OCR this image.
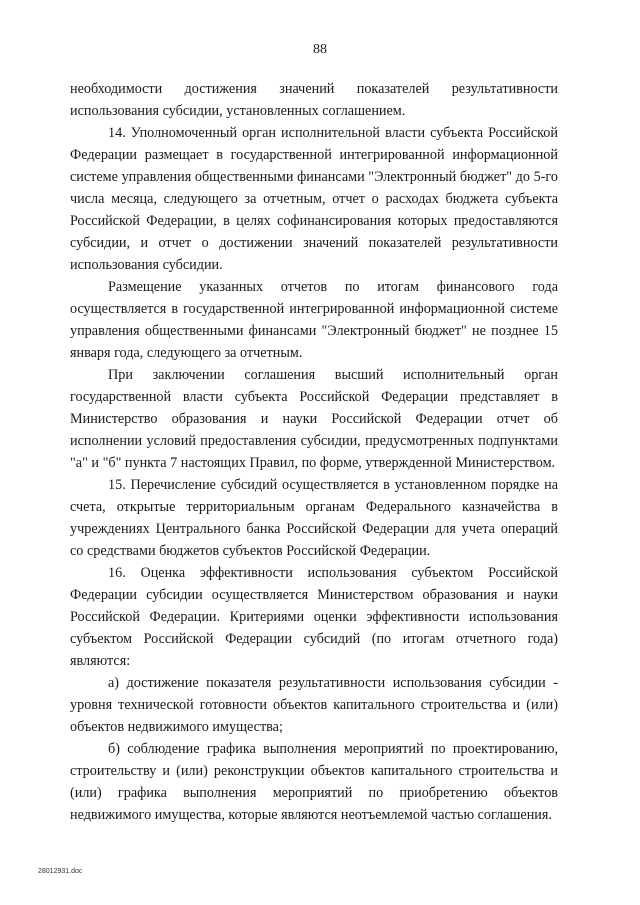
88

необходимости достижения значений показателей результативности использования субсидии, установленных соглашением.

14. Уполномоченный орган исполнительной власти субъекта Российской Федерации размещает в государственной интегрированной информационной системе управления общественными финансами "Электронный бюджет" до 5-го числа месяца, следующего за отчетным, отчет о расходах бюджета субъекта Российской Федерации, в целях софинансирования которых предоставляются субсидии, и отчет о достижении значений показателей результативности использования субсидии.

Размещение указанных отчетов по итогам финансового года осуществляется в государственной интегрированной информационной системе управления общественными финансами "Электронный бюджет" не позднее 15 января года, следующего за отчетным.

При заключении соглашения высший исполнительный орган государственной власти субъекта Российской Федерации представляет в Министерство образования и науки Российской Федерации отчет об исполнении условий предоставления субсидии, предусмотренных подпунктами "а" и "б" пункта 7 настоящих Правил, по форме, утвержденной Министерством.

15. Перечисление субсидий осуществляется в установленном порядке на счета, открытые территориальным органам Федерального казначейства в учреждениях Центрального банка Российской Федерации для учета операций со средствами бюджетов субъектов Российской Федерации.

16. Оценка эффективности использования субъектом Российской Федерации субсидии осуществляется Министерством образования и науки Российской Федерации. Критериями оценки эффективности использования субъектом Российской Федерации субсидий (по итогам отчетного года) являются:

а) достижение показателя результативности использования субсидии - уровня технической готовности объектов капитального строительства и (или) объектов недвижимого имущества;

б) соблюдение графика выполнения мероприятий по проектированию, строительству и (или) реконструкции объектов капитального строительства и (или) графика выполнения мероприятий по приобретению объектов недвижимого имущества, которые являются неотъемлемой частью соглашения.

28012931.doc
